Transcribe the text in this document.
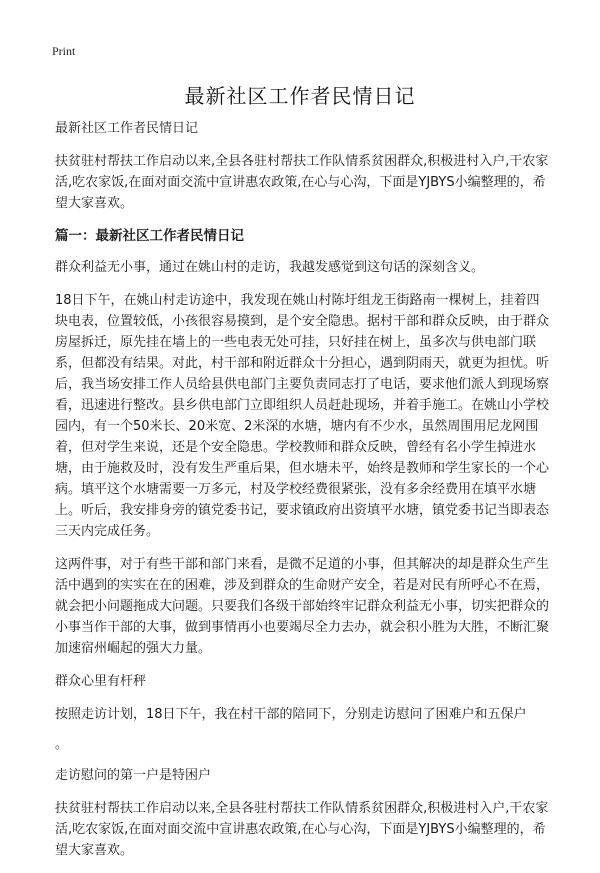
Print
最新社区工作者民情日记

最新社区工作者民情日记

扶贫驻村帮扶工作启动以来,全县各驻村帮扶工作队情系贫困群众,积极进村入户,干农家活,吃农家饭,在面对面交流中宣讲惠农政策,在心与心沟，下面是YJBYS小编整理的，希望大家喜欢。

篇一：最新社区工作者民情日记

群众利益无小事，通过在姚山村的走访，我越发感觉到这句话的深刻含义。

18日下午，在姚山村走访途中，我发现在姚山村陈圩组龙王街路南一棵树上，挂着四块电表，位置较低，小孩很容易摸到，是个安全隐患。据村干部和群众反映，由于群众房屋拆迁，原先挂在墙上的一些电表无处可挂，只好挂在树上，虽多次与供电部门联系，但都没有结果。对此，村干部和附近群众十分担心，遇到阴雨天，就更为担忧。听后，我当场安排工作人员给县供电部门主要负责同志打了电话，要求他们派人到现场察看，迅速进行整改。县乡供电部门立即组织人员赶赴现场，并着手施工。在姚山小学校园内，有一个50米长、20米宽、2米深的水塘，塘内有不少水，虽然周围用尼龙网围着，但对学生来说，还是个安全隐患。学校教师和群众反映，曾经有名小学生掉进水塘，由于施救及时，没有发生严重后果，但水塘未平，始终是教师和学生家长的一个心病。填平这个水塘需要一万多元，村及学校经费很紧张，没有多余经费用在填平水塘上。听后，我安排身旁的镇党委书记，要求镇政府出资填平水塘，镇党委书记当即表态三天内完成任务。

这两件事，对于有些干部和部门来看，是微不足道的小事，但其解决的却是群众生产生活中遇到的实实在在的困难，涉及到群众的生命财产安全，若是对民有所呼心不在焉，就会把小问题拖成大问题。只要我们各级干部始终牢记群众利益无小事，切实把群众的小事当作干部的大事，做到事情再小也要竭尽全力去办，就会积小胜为大胜，不断汇聚加速宿州崛起的强大力量。

群众心里有杆秤

按照走访计划，18日下午，我在村干部的陪同下，分别走访慰问了困难户和五保户

。

走访慰问的第一户是特困户

扶贫驻村帮扶工作启动以来,全县各驻村帮扶工作队情系贫困群众,积极进村入户,干农家活,吃农家饭,在面对面交流中宣讲惠农政策,在心与心沟，下面是YJBYS小编整理的，希望大家喜欢。
